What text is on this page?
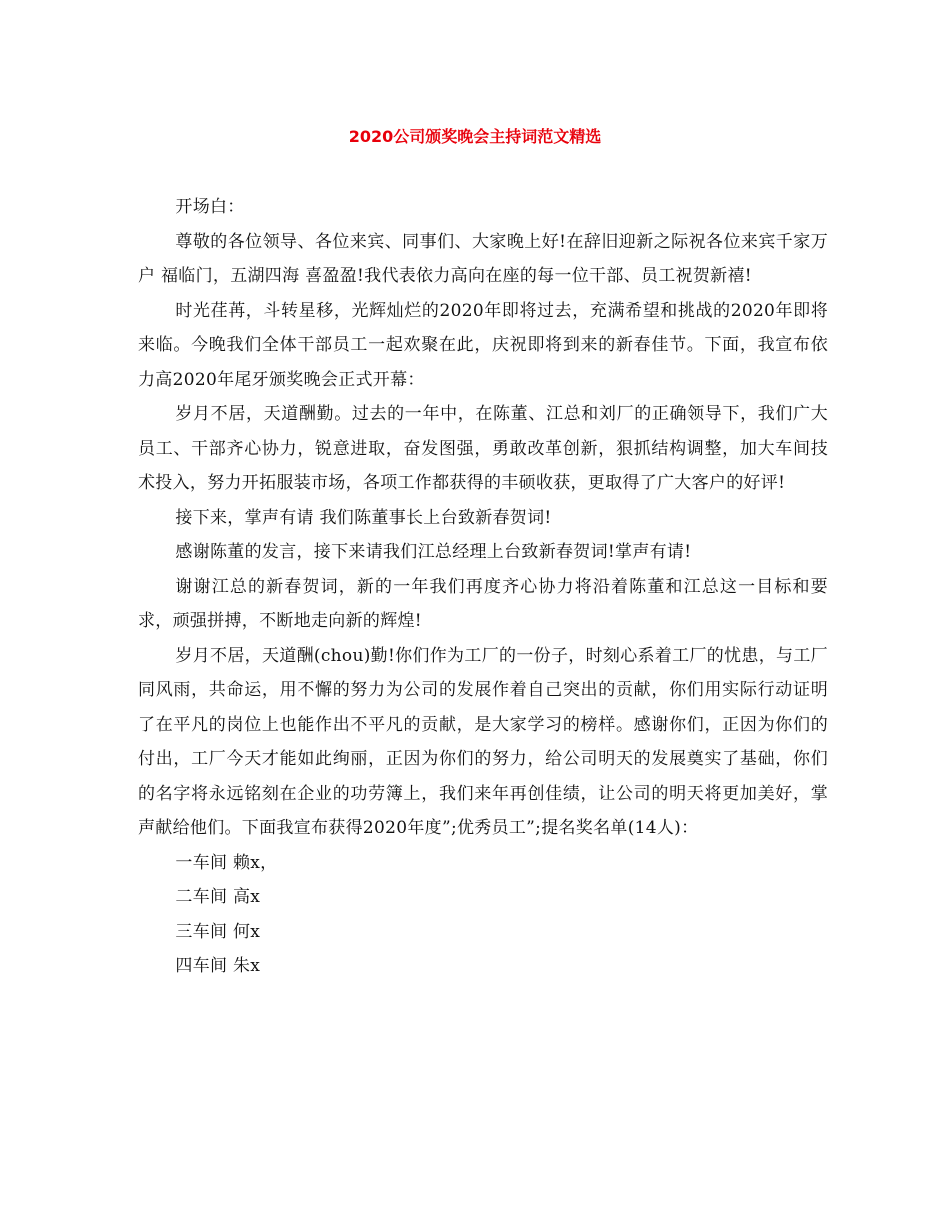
2020公司颁奖晚会主持词范文精选

开场白：

尊敬的各位领导、各位来宾、同事们、大家晚上好!在辞旧迎新之际祝各位来宾千家万户 福临门，五湖四海 喜盈盈!我代表依力高向在座的每一位干部、员工祝贺新禧!

时光荏苒，斗转星移，光辉灿烂的2020年即将过去，充满希望和挑战的2020年即将来临。今晚我们全体干部员工一起欢聚在此，庆祝即将到来的新春佳节。下面，我宣布依力高2020年尾牙颁奖晚会正式开幕：

岁月不居，天道酬勤。过去的一年中，在陈董、江总和刘厂的正确领导下，我们广大员工、干部齐心协力，锐意进取，奋发图强，勇敢改革创新，狠抓结构调整，加大车间技术投入，努力开拓服装市场，各项工作都获得的丰硕收获，更取得了广大客户的好评!

接下来，掌声有请 我们陈董事长上台致新春贺词!

感谢陈董的发言，接下来请我们江总经理上台致新春贺词!掌声有请!

谢谢江总的新春贺词，新的一年我们再度齐心协力将沿着陈董和江总这一目标和要求，顽强拼搏，不断地走向新的辉煌!

岁月不居，天道酬(chou)勤!你们作为工厂的一份子，时刻心系着工厂的忧患，与工厂同风雨，共命运，用不懈的努力为公司的发展作着自己突出的贡献，你们用实际行动证明了在平凡的岗位上也能作出不平凡的贡献，是大家学习的榜样。感谢你们，正因为你们的付出，工厂今天才能如此绚丽，正因为你们的努力，给公司明天的发展奠实了基础，你们的名字将永远铭刻在企业的功劳簿上，我们来年再创佳绩，让公司的明天将更加美好，掌声献给他们。下面我宣布获得2020年度”;优秀员工”;提名奖名单(14人)：

一车间 赖x，

二车间 高x

三车间 何x

四车间 朱x
